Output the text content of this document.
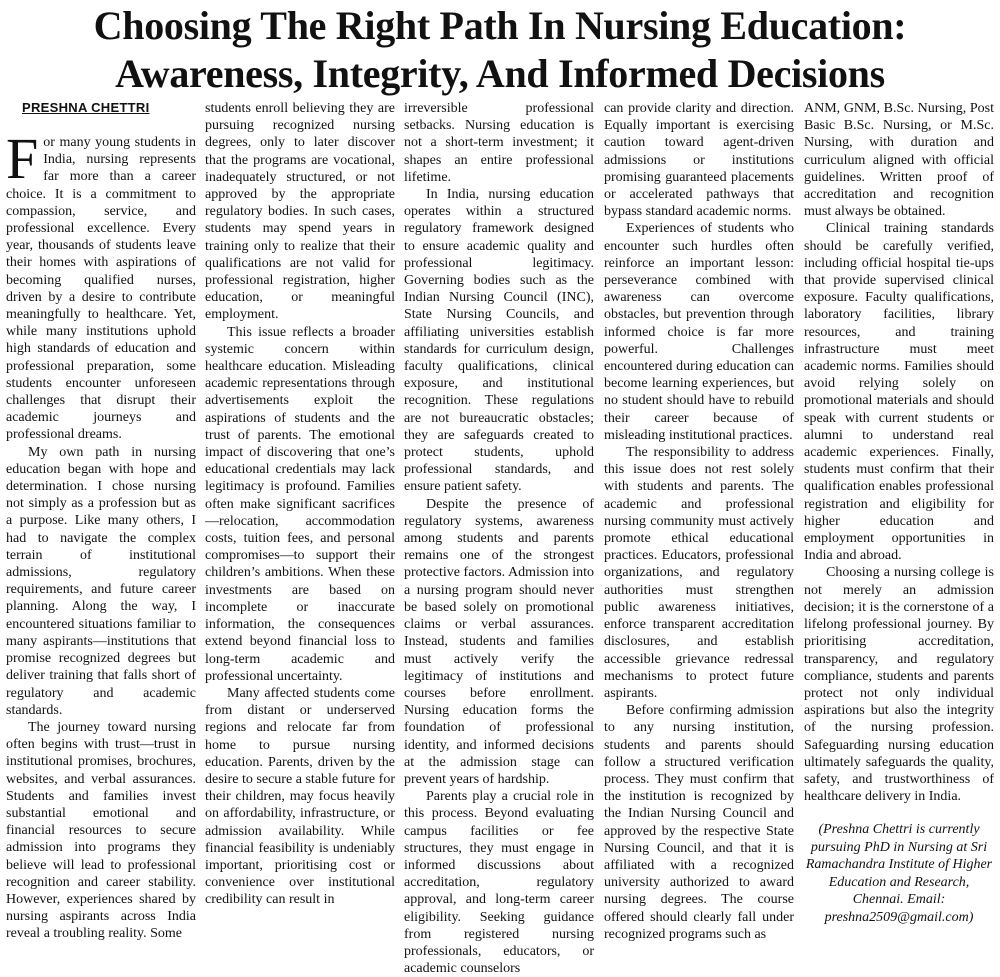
Choosing The Right Path In Nursing Education:
Awareness, Integrity, And Informed Decisions
PRESHNA CHETTRI

For many young students in India, nursing represents far more than a career choice. It is a commitment to compassion, service, and professional excellence. Every year, thousands of students leave their homes with aspirations of becoming qualified nurses, driven by a desire to contribute meaningfully to healthcare. Yet, while many institutions uphold high standards of education and professional preparation, some students encounter unforeseen challenges that disrupt their academic journeys and professional dreams.

My own path in nursing education began with hope and determination. I chose nursing not simply as a profession but as a purpose. Like many others, I had to navigate the complex terrain of institutional admissions, regulatory requirements, and future career planning. Along the way, I encountered situations familiar to many aspirants—institutions that promise recognized degrees but deliver training that falls short of regulatory and academic standards.

The journey toward nursing often begins with trust—trust in institutional promises, brochures, websites, and verbal assurances. Students and families invest substantial emotional and financial resources to secure admission into programs they believe will lead to professional recognition and career stability. However, experiences shared by nursing aspirants across India reveal a troubling reality. Some

students enroll believing they are pursuing recognized nursing degrees, only to later discover that the programs are vocational, inadequately structured, or not approved by the appropriate regulatory bodies. In such cases, students may spend years in training only to realize that their qualifications are not valid for professional registration, higher education, or meaningful employment.

This issue reflects a broader systemic concern within healthcare education. Misleading academic representations through advertisements exploit the aspirations of students and the trust of parents. The emotional impact of discovering that one’s educational credentials may lack legitimacy is profound. Families often make significant sacrifices—relocation, accommodation costs, tuition fees, and personal compromises—to support their children’s ambitions. When these investments are based on incomplete or inaccurate information, the consequences extend beyond financial loss to long-term academic and professional uncertainty.

Many affected students come from distant or underserved regions and relocate far from home to pursue nursing education. Parents, driven by the desire to secure a stable future for their children, may focus heavily on affordability, infrastructure, or admission availability. While financial feasibility is undeniably important, prioritising cost or convenience over institutional credibility can result in

irreversible professional setbacks. Nursing education is not a short-term investment; it shapes an entire professional lifetime.

In India, nursing education operates within a structured regulatory framework designed to ensure academic quality and professional legitimacy. Governing bodies such as the Indian Nursing Council (INC), State Nursing Councils, and affiliating universities establish standards for curriculum design, faculty qualifications, clinical exposure, and institutional recognition. These regulations are not bureaucratic obstacles; they are safeguards created to protect students, uphold professional standards, and ensure patient safety.

Despite the presence of regulatory systems, awareness among students and parents remains one of the strongest protective factors. Admission into a nursing program should never be based solely on promotional claims or verbal assurances. Instead, students and families must actively verify the legitimacy of institutions and courses before enrollment. Nursing education forms the foundation of professional identity, and informed decisions at the admission stage can prevent years of hardship.

Parents play a crucial role in this process. Beyond evaluating campus facilities or fee structures, they must engage in informed discussions about accreditation, regulatory approval, and long-term career eligibility. Seeking guidance from registered nursing professionals, educators, or academic counselors

can provide clarity and direction. Equally important is exercising caution toward agent-driven admissions or institutions promising guaranteed placements or accelerated pathways that bypass standard academic norms.

Experiences of students who encounter such hurdles often reinforce an important lesson: perseverance combined with awareness can overcome obstacles, but prevention through informed choice is far more powerful. Challenges encountered during education can become learning experiences, but no student should have to rebuild their career because of misleading institutional practices.

The responsibility to address this issue does not rest solely with students and parents. The academic and professional nursing community must actively promote ethical educational practices. Educators, professional organizations, and regulatory authorities must strengthen public awareness initiatives, enforce transparent accreditation disclosures, and establish accessible grievance redressal mechanisms to protect future aspirants.

Before confirming admission to any nursing institution, students and parents should follow a structured verification process. They must confirm that the institution is recognized by the Indian Nursing Council and approved by the respective State Nursing Council, and that it is affiliated with a recognized university authorized to award nursing degrees. The course offered should clearly fall under recognized programs such as

ANM, GNM, B.Sc. Nursing, Post Basic B.Sc. Nursing, or M.Sc. Nursing, with duration and curriculum aligned with official guidelines. Written proof of accreditation and recognition must always be obtained.

Clinical training standards should be carefully verified, including official hospital tie-ups that provide supervised clinical exposure. Faculty qualifications, laboratory facilities, library resources, and training infrastructure must meet academic norms. Families should avoid relying solely on promotional materials and should speak with current students or alumni to understand real academic experiences. Finally, students must confirm that their qualification enables professional registration and eligibility for higher education and employment opportunities in India and abroad.

Choosing a nursing college is not merely an admission decision; it is the cornerstone of a lifelong professional journey. By prioritising accreditation, transparency, and regulatory compliance, students and parents protect not only individual aspirations but also the integrity of the nursing profession. Safeguarding nursing education ultimately safeguards the quality, safety, and trustworthiness of healthcare delivery in India.

(Preshna Chettri is currently pursuing PhD in Nursing at Sri Ramachandra Institute of Higher Education and Research, Chennai. Email: preshna2509@gmail.com)
